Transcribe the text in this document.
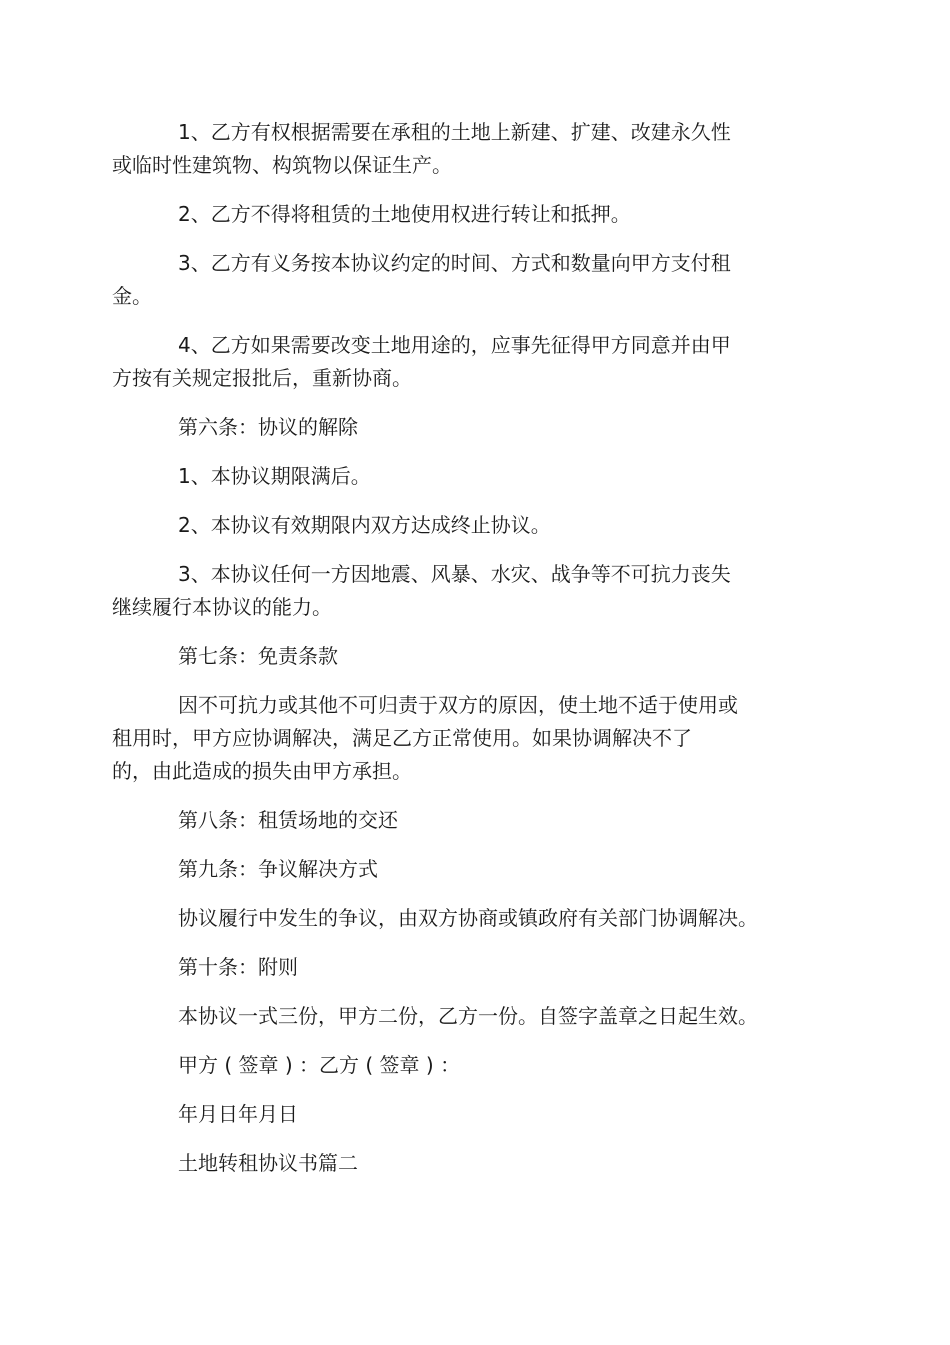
1、乙方有权根据需要在承租的土地上新建、扩建、改建永久性
或临时性建筑物、构筑物以保证生产。

2、乙方不得将租赁的土地使用权进行转让和抵押。

3、乙方有义务按本协议约定的时间、方式和数量向甲方支付租
金。

4、乙方如果需要改变土地用途的，应事先征得甲方同意并由甲
方按有关规定报批后，重新协商。

第六条：协议的解除

1、本协议期限满后。

2、本协议有效期限内双方达成终止协议。

3、本协议任何一方因地震、风暴、水灾、战争等不可抗力丧失
继续履行本协议的能力。

第七条：免责条款

因不可抗力或其他不可归责于双方的原因，使土地不适于使用或
租用时，甲方应协调解决，满足乙方正常使用。如果协调解决不了
的，由此造成的损失由甲方承担。

第八条：租赁场地的交还

第九条：争议解决方式

协议履行中发生的争议，由双方协商或镇政府有关部门协调解决。

第十条：附则

本协议一式三份，甲方二份，乙方一份。自签字盖章之日起生效。

甲方 ( 签章 ) ：乙方 ( 签章 ) ：

年月日年月日

土地转租协议书篇二
